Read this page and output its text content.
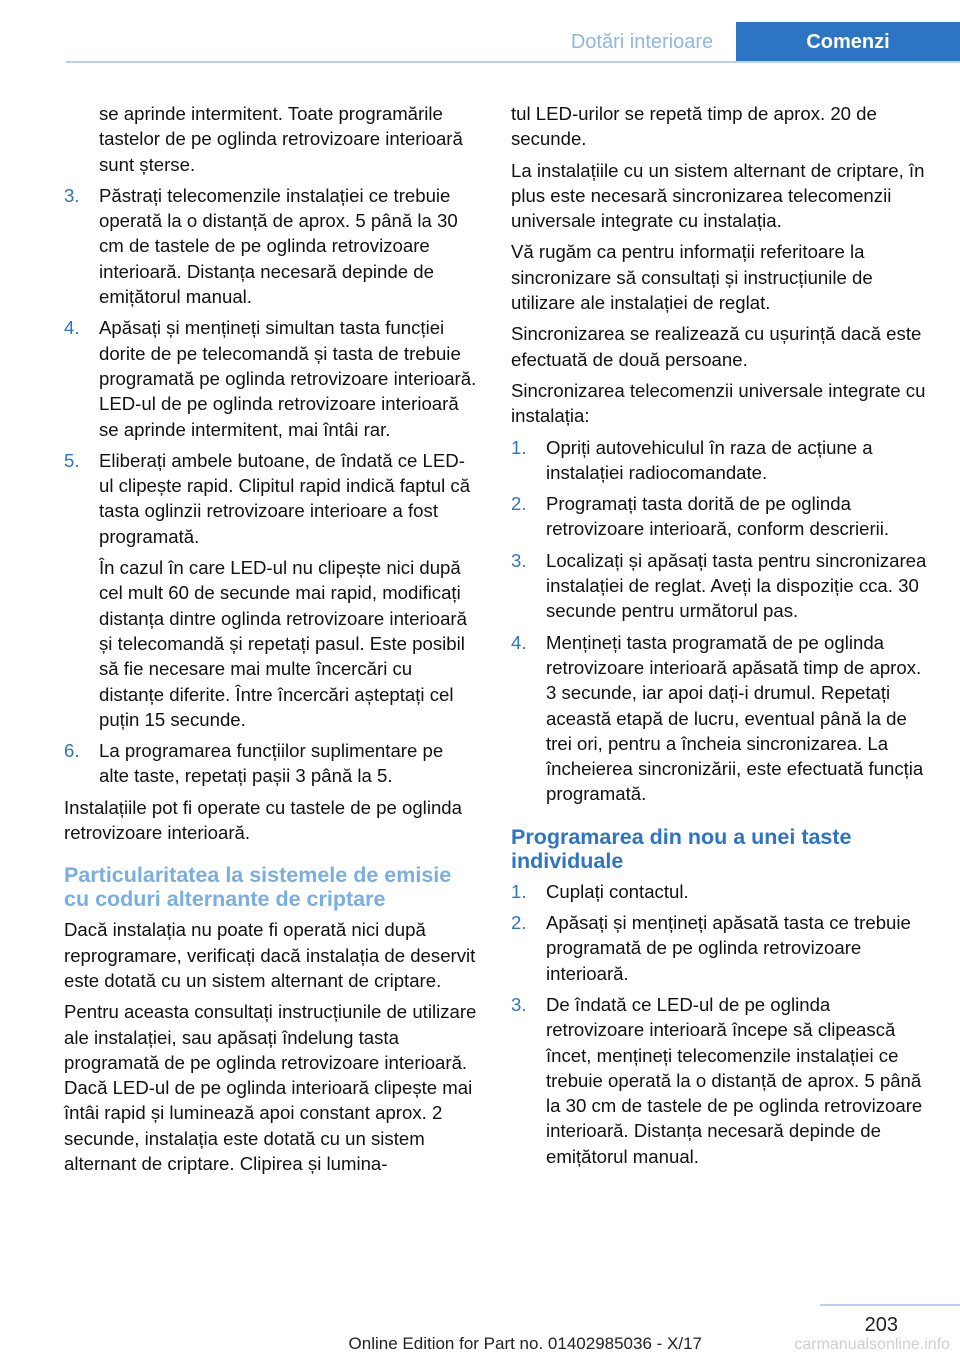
Dotări interioare	Comenzi

se aprinde intermitent. Toate programările tastelor de pe oglinda retrovizoare interioară sunt șterse.

3. Păstrați telecomenzile instalației ce trebuie operată la o distanță de aprox. 5 până la 30 cm de tastele de pe oglinda retrovizoare interioară. Distanța necesară depinde de emițătorul manual.
4. Apăsați și mențineți simultan tasta funcției dorite de pe telecomandă și tasta de trebuie programată pe oglinda retrovizoare interioară. LED-ul de pe oglinda retrovizoare interioară se aprinde intermitent, mai întâi rar.
5. Eliberați ambele butoane, de îndată ce LED-ul clipește rapid. Clipitul rapid indică faptul că tasta oglinzii retrovizoare interioare a fost programată.

În cazul în care LED-ul nu clipește nici după cel mult 60 de secunde mai rapid, modificați distanța dintre oglinda retrovizoare interioară și telecomandă și repetați pasul. Este posibil să fie necesare mai multe încercări cu distanțe diferite. Între încercări așteptați cel puțin 15 secunde.

6. La programarea funcțiilor suplimentare pe alte taste, repetați pașii 3 până la 5.

Instalațiile pot fi operate cu tastele de pe oglinda retrovizoare interioară.

Particularitatea la sistemele de emisie cu coduri alternante de criptare

Dacă instalația nu poate fi operată nici după reprogramare, verificați dacă instalația de deservit este dotată cu un sistem alternant de criptare.

Pentru aceasta consultați instrucțiunile de utilizare ale instalației, sau apăsați îndelung tasta programată de pe oglinda retrovizoare interioară. Dacă LED-ul de pe oglinda interioară clipește mai întâi rapid și luminează apoi constant aprox. 2 secunde, instalația este dotată cu un sistem alternant de criptare. Clipirea și lumina-

tul LED-urilor se repetă timp de aprox. 20 de secunde.

La instalațiile cu un sistem alternant de criptare, în plus este necesară sincronizarea telecomenzii universale integrate cu instalația.

Vă rugăm ca pentru informații referitoare la sincronizare să consultați și instrucțiunile de utilizare ale instalației de reglat.

Sincronizarea se realizează cu ușurință dacă este efectuată de două persoane.

Sincronizarea telecomenzii universale integrate cu instalația:

1. Opriți autovehiculul în raza de acțiune a instalației radiocomandate.
2. Programați tasta dorită de pe oglinda retrovizoare interioară, conform descrierii.
3. Localizați și apăsați tasta pentru sincronizarea instalației de reglat. Aveți la dispoziție cca. 30 secunde pentru următorul pas.
4. Mențineți tasta programată de pe oglinda retrovizoare interioară apăsată timp de aprox. 3 secunde, iar apoi dați-i drumul. Repetați această etapă de lucru, eventual până la de trei ori, pentru a încheia sincronizarea. La încheierea sincronizării, este efectuată funcția programată.
Programarea din nou a unei taste individuale
1. Cuplați contactul.
2. Apăsați și mențineți apăsată tasta ce trebuie programată de pe oglinda retrovizoare interioară.
3. De îndată ce LED-ul de pe oglinda retrovizoare interioară începe să clipească încet, mențineți telecomenzile instalației ce trebuie operată la o distanță de aprox. 5 până la 30 cm de tastele de pe oglinda retrovizoare interioară. Distanța necesară depinde de emițătorul manual.
203
Online Edition for Part no. 01402985036 - X/17	carmanualsonline.info
